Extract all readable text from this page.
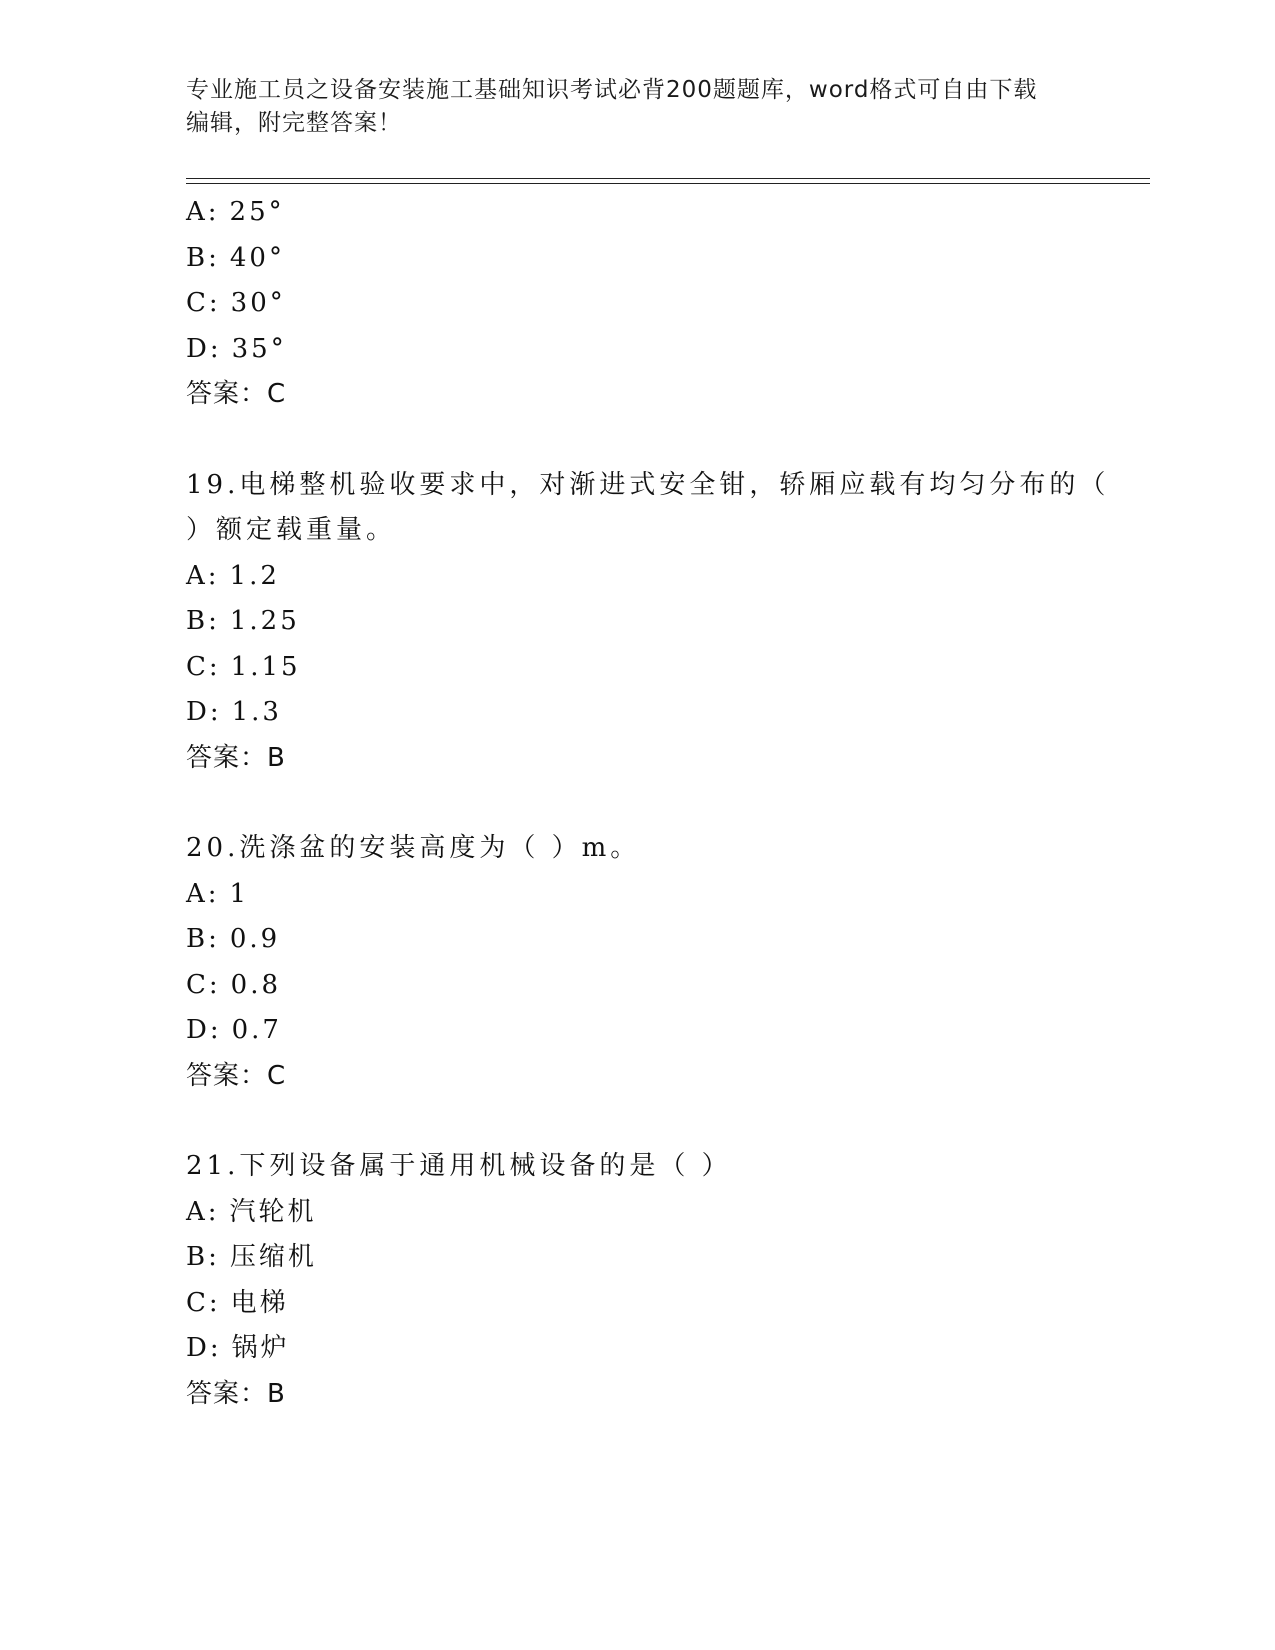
专业施工员之设备安装施工基础知识考试必背200题题库，word格式可自由下载
编辑，附完整答案！
A: 25°
B: 40°
C: 30°
D: 35°
答案：C
19.电梯整机验收要求中，对渐进式安全钳，轿厢应载有均匀分布的（
）额定载重量。
A: 1.2
B: 1.25
C: 1.15
D: 1.3
答案：B
20.洗涤盆的安装高度为（ ）m。
A: 1
B: 0.9
C: 0.8
D: 0.7
答案：C
21.下列设备属于通用机械设备的是（ ）
A: 汽轮机
B: 压缩机
C: 电梯
D: 锅炉
答案：B
